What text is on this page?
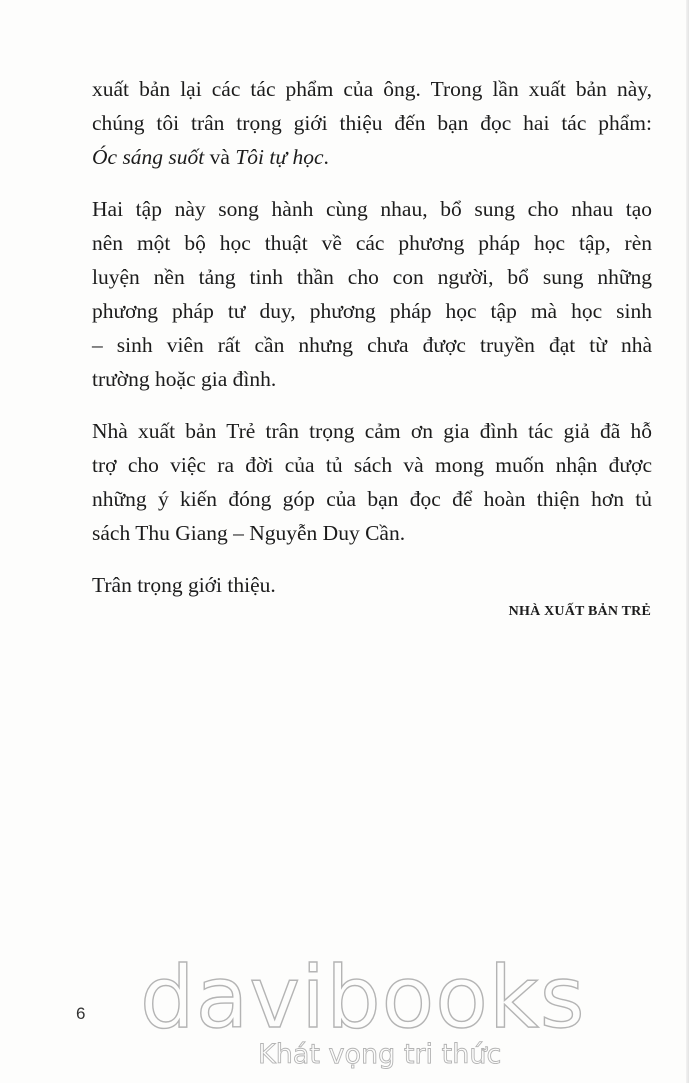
xuất bản lại các tác phẩm của ông. Trong lần xuất bản này,
chúng tôi trân trọng giới thiệu đến bạn đọc hai tác phẩm:
Óc sáng suốt và Tôi tự học.

Hai tập này song hành cùng nhau, bổ sung cho nhau tạo
nên một bộ học thuật về các phương pháp học tập, rèn
luyện nền tảng tinh thần cho con người, bổ sung những
phương pháp tư duy, phương pháp học tập mà học sinh
– sinh viên rất cần nhưng chưa được truyền đạt từ nhà
trường hoặc gia đình.

Nhà xuất bản Trẻ trân trọng cảm ơn gia đình tác giả đã hỗ
trợ cho việc ra đời của tủ sách và mong muốn nhận được
những ý kiến đóng góp của bạn đọc để hoàn thiện hơn tủ
sách Thu Giang – Nguyễn Duy Cần.

Trân trọng giới thiệu.

NHÀ XUẤT BẢN TRẺ
6 davibooks
Khát vọng tri thức
